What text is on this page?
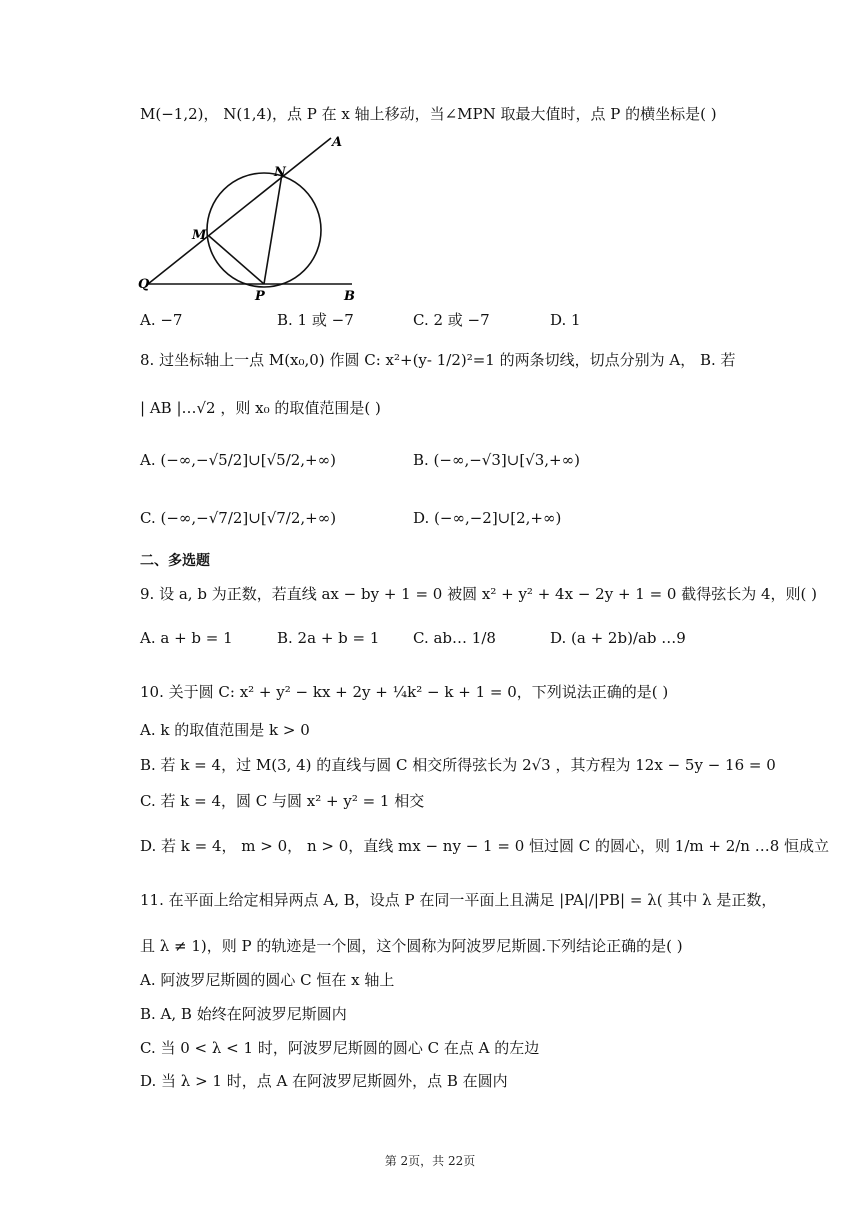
M(−1,2)， N(1,4)，点 P 在 x 轴上移动，当∠MPN 取最大值时，点 P 的横坐标是( )
A
N
M
Q
P	B
A. −7	B. 1 或 −7	C. 2 或 −7	D. 1
8. 过坐标轴上一点 M(x₀,0) 作圆 C: x²+(y- 1/2)²=1 的两条切线，切点分别为 A， B. 若
| AB |…√2 ，则 x₀ 的取值范围是( )
A. (−∞,−√5/2]∪[√5/2,+∞)	B. (−∞,−√3]∪[√3,+∞)
C. (−∞,−√7/2]∪[√7/2,+∞)	D. (−∞,−2]∪[2,+∞)
二、多选题
9. 设 a, b 为正数，若直线 ax − by + 1 = 0 被圆 x² + y² + 4x − 2y + 1 = 0 截得弦长为 4，则( )
A. a + b = 1	B. 2a + b = 1 C. ab… 1/8	D. (a + 2b)/ab …9
10. 关于圆 C: x² + y² − kx + 2y + ¼k² − k + 1 = 0，下列说法正确的是( )
A. k 的取值范围是 k > 0
B. 若 k = 4，过 M(3, 4) 的直线与圆 C 相交所得弦长为 2√3 ，其方程为 12x − 5y − 16 = 0
C. 若 k = 4，圆 C 与圆 x² + y² = 1 相交
D. 若 k = 4， m > 0， n > 0，直线 mx − ny − 1 = 0 恒过圆 C 的圆心，则 1/m + 2/n …8 恒成立
11. 在平面上给定相异两点 A, B，设点 P 在同一平面上且满足 |PA|/|PB| = λ( 其中 λ 是正数，
且 λ ≠ 1)，则 P 的轨迹是一个圆，这个圆称为阿波罗尼斯圆.下列结论正确的是( )
A. 阿波罗尼斯圆的圆心 C 恒在 x 轴上
B. A, B 始终在阿波罗尼斯圆内
C. 当 0 < λ < 1 时，阿波罗尼斯圆的圆心 C 在点 A 的左边
D. 当 λ > 1 时，点 A 在阿波罗尼斯圆外，点 B 在圆内
第 2页，共 22页
